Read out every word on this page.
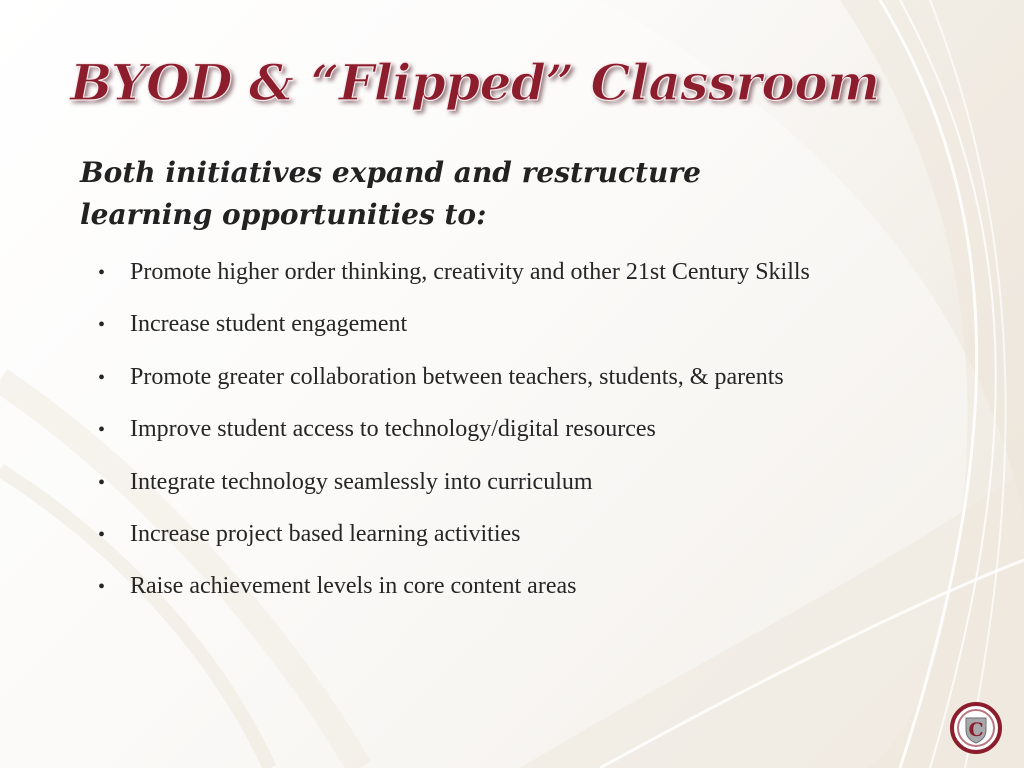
BYOD & “Flipped” Classroom

Both initiatives expand and restructure learning opportunities to:

•	Promote higher order thinking, creativity and other 21st Century Skills
•	Increase student engagement
•	Promote greater collaboration between teachers, students, & parents
•	Improve student access to technology/digital resources
•	Integrate technology seamlessly into curriculum
•	Increase project based learning activities
•	Raise achievement levels in core content areas
C
